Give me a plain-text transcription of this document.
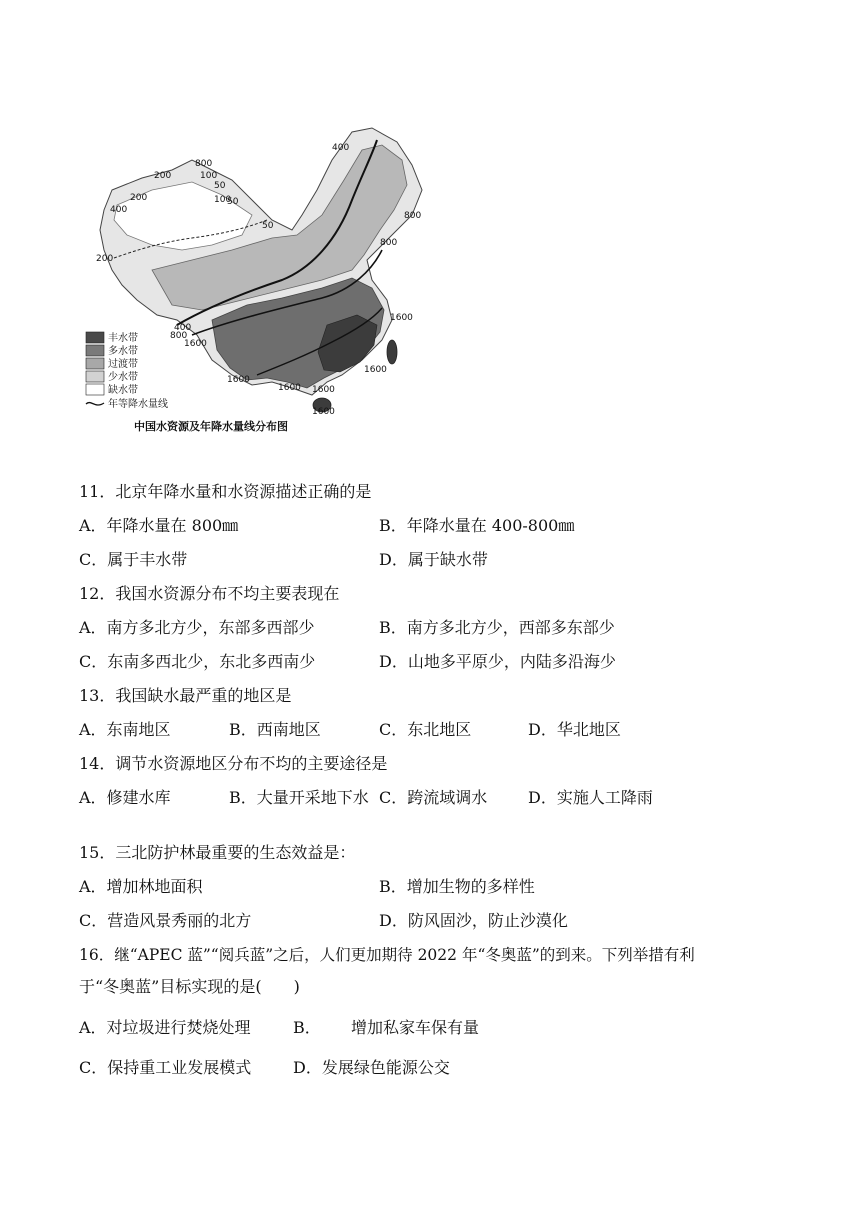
400
800
100
50
200
200
400
100
50
50
200
800
800
400
800
1600
1600
1600
1600
1600 1600
1600
丰水带
多水带
过渡带
少水带
缺水带
年等降水量线
中国水资源及年降水量线分布图
11．北京年降水量和水资源描述正确的是
A．年降水量在 800㎜	B．年降水量在 400-800㎜
C．属于丰水带	D．属于缺水带
12．我国水资源分布不均主要表现在
A．南方多北方少，东部多西部少	B．南方多北方少，西部多东部少
C．东南多西北少，东北多西南少	D．山地多平原少，内陆多沿海少
13．我国缺水最严重的地区是
A．东南地区	B．西南地区	C．东北地区	D．华北地区
14．调节水资源地区分布不均的主要途径是
A．修建水库	B．大量开采地下水 C．跨流域调水	D．实施人工降雨
15．三北防护林最重要的生态效益是：
A．增加林地面积	B．增加生物的多样性
C．营造风景秀丽的北方	D．防风固沙，防止沙漠化
16．继“APEC 蓝”“阅兵蓝”之后，人们更加期待 2022 年“冬奥蓝”的到来。下列举措有利
于“冬奥蓝”目标实现的是(　　)
A．对垃圾进行焚烧处理	B． 增加私家车保有量
C．保持重工业发展模式	D．发展绿色能源公交
